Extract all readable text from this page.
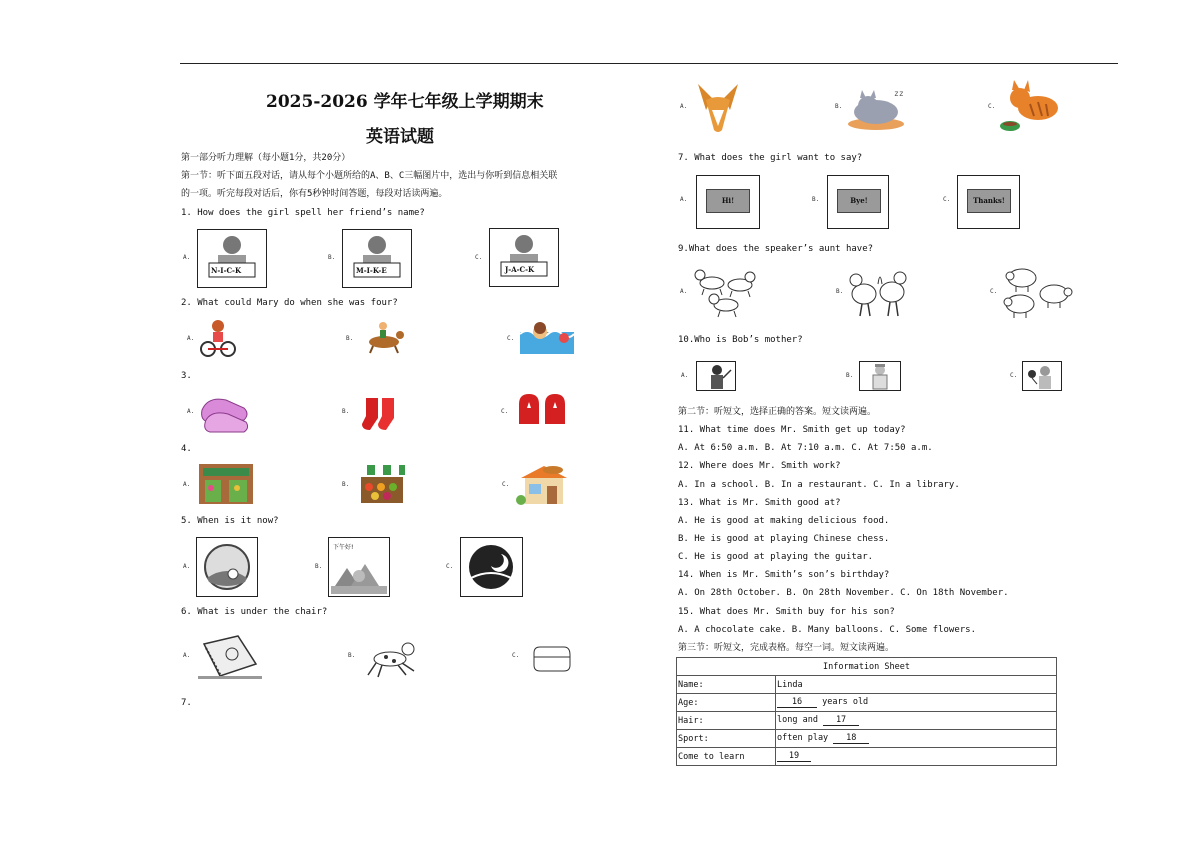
2025-2026 学年七年级上学期期末
英语试题
第一部分听力理解（每小题1分，共20分）
第一节：听下面五段对话，请从每个小题所给的A、B、C三幅图片中，选出与你听到信息相关联
的一项。听完每段对话后，你有5秒钟时间答题，每段对话读两遍。
1. How does the girl spell her friend’s name?
A.	B.	C.
N-I-C-K	M-I-K-E	J-A-C-K
2. What could Mary do when she was four?
A.	B.	C.
3.
A.	B.	C.
4.
A.	B.	C.
5. When is it now?
A.	B.	C.
下午好!
6. What is under the chair?
A.	B.	C.
7.
A.	B.	C.
zz
7. What does the girl want to say?
A.	B.	C.
Hi!	Bye!	Thanks!
9.What does the speaker’s aunt have?
A.	B.	C.
10.Who is Bob’s mother?
A.	B.	C.
第二节：听短文，选择正确的答案。短文读两遍。
11. What time does Mr. Smith get up today?
A. At 6:50 a.m. B. At 7:10 a.m. C. At 7:50 a.m.
12. Where does Mr. Smith work?
A. In a school. B. In a restaurant. C. In a library.
13. What is Mr. Smith good at?
A. He is good at making delicious food.
B. He is good at playing Chinese chess.
C. He is good at playing the guitar.
14. When is Mr. Smith’s son’s birthday?
A. On 28th October. B. On 28th November. C. On 18th November.
15. What does Mr. Smith buy for his son?
A. A chocolate cake. B. Many balloons. C. Some flowers.
第三节：听短文，完成表格。每空一词。短文读两遍。
Information Sheet	
Name:	Linda
Age:	16 years old
Hair:	long and 17
Sport:	often play 18
Come to learn	19
